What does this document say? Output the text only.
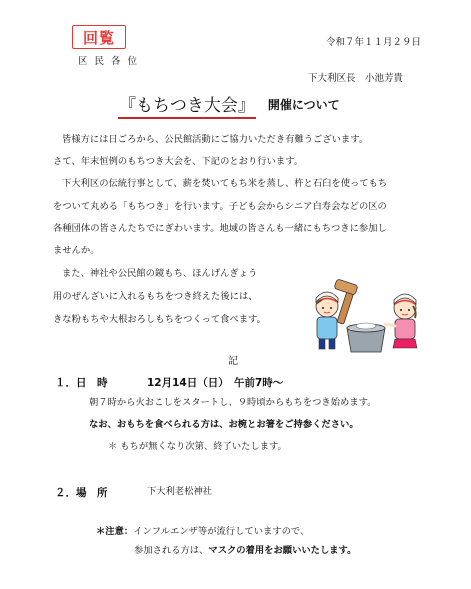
回覧	令和７年１１月２９日
区 民 各 位
下大利区長　小池芳貴
『もちつき大会』 開催について
皆様方には日ごろから、公民館活動にご協力いただき有難うございます。
さて、年末恒例のもちつき大会を、下記のとおり行います。
下大利区の伝統行事として、薪を焚いてもち米を蒸し、杵と石臼を使ってもち
をついて丸める「もちつき」を行います。子ども会からシニア白寿会などの区の
各種団体の皆さんたちでにぎわいます。地域の皆さんも一緒にもちつきに参加し
ませんか。
また、神社や公民館の鏡もち、ほんげんぎょう
用のぜんざいに入れるもちをつき終えた後には、
きな粉もちや大根おろしもちをつくって食べます。
記
１．日　時	12月14日（日）　午前7時～
朝７時から火おこしをスタートし、９時頃からもちをつき始めます。
なお、おもちを食べられる方は、お椀とお箸をご持参ください。
＊ もちが無くなり次第、終了いたします。
２．場　所	下大利老松神社
＊注意：インフルエンザ等が流行していますので、
参加される方は、マスクの着用をお願いいたします。
